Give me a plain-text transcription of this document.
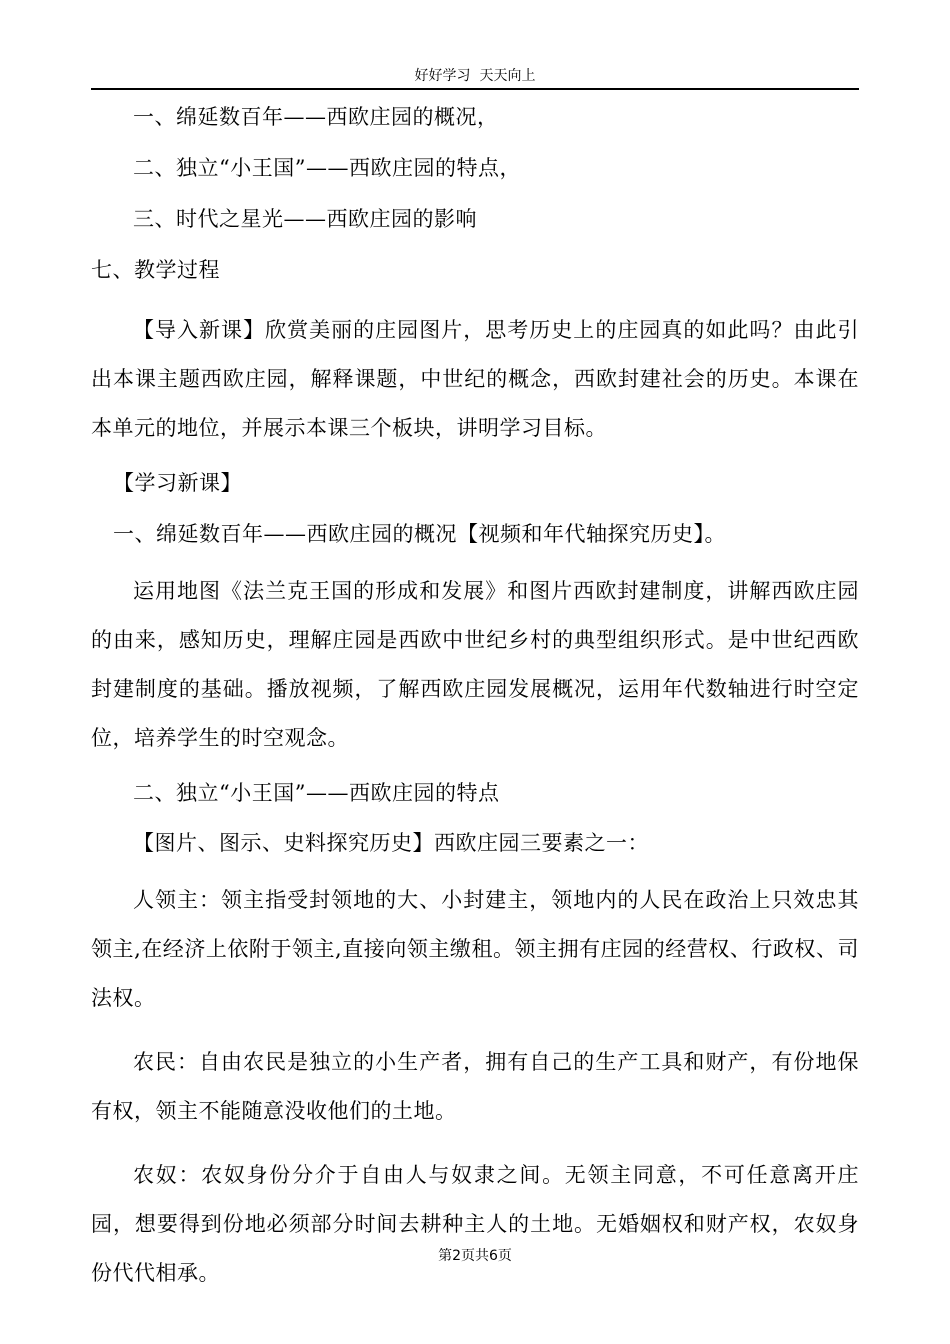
好好学习  天天向上
一、绵延数百年——西欧庄园的概况，
二、独立“小王国”——西欧庄园的特点，
三、时代之星光——西欧庄园的影响
七、教学过程

【导入新课】欣赏美丽的庄园图片，思考历史上的庄园真的如此吗？由此引出本课主题西欧庄园，解释课题，中世纪的概念，西欧封建社会的历史。本课在本单元的地位，并展示本课三个板块，讲明学习目标。

【学习新课】
一、绵延数百年——西欧庄园的概况【视频和年代轴探究历史】。

运用地图《法兰克王国的形成和发展》和图片西欧封建制度，讲解西欧庄园的由来，感知历史，理解庄园是西欧中世纪乡村的典型组织形式。是中世纪西欧封建制度的基础。播放视频，了解西欧庄园发展概况，运用年代数轴进行时空定位，培养学生的时空观念。

二、独立“小王国”——西欧庄园的特点
【图片、图示、史料探究历史】西欧庄园三要素之一：

人领主：领主指受封领地的大、小封建主，领地内的人民在政治上只效忠其领主,在经济上依附于领主,直接向领主缴租。领主拥有庄园的经营权、行政权、司法权。

农民：自由农民是独立的小生产者，拥有自己的生产工具和财产，有份地保有权，领主不能随意没收他们的土地。

农奴：农奴身份分介于自由人与奴隶之间。无领主同意，不可任意离开庄园，想要得到份地必须部分时间去耕种主人的土地。无婚姻权和财产权，农奴身份代代相承。

第2页共6页
